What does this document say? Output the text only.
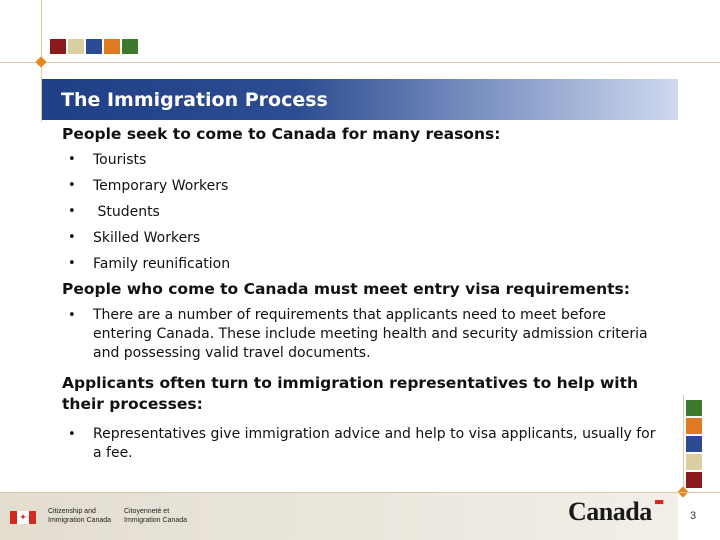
The Immigration Process

People seek to come to Canada for many reasons:

• Tourists
• Temporary Workers
• Students
• Skilled Workers
• Family reunification

People who come to Canada must meet entry visa requirements:

• There are a number of requirements that applicants need to meet before entering Canada. These include meeting health and security admission criteria and possessing valid travel documents.

Applicants often turn to immigration representatives to help with their processes:

• Representatives give immigration advice and help to visa applicants, usually for a fee.
✦
Citizenship and
Immigration Canada
Citoyenneté et
Immigration Canada	Canada ▬
3
